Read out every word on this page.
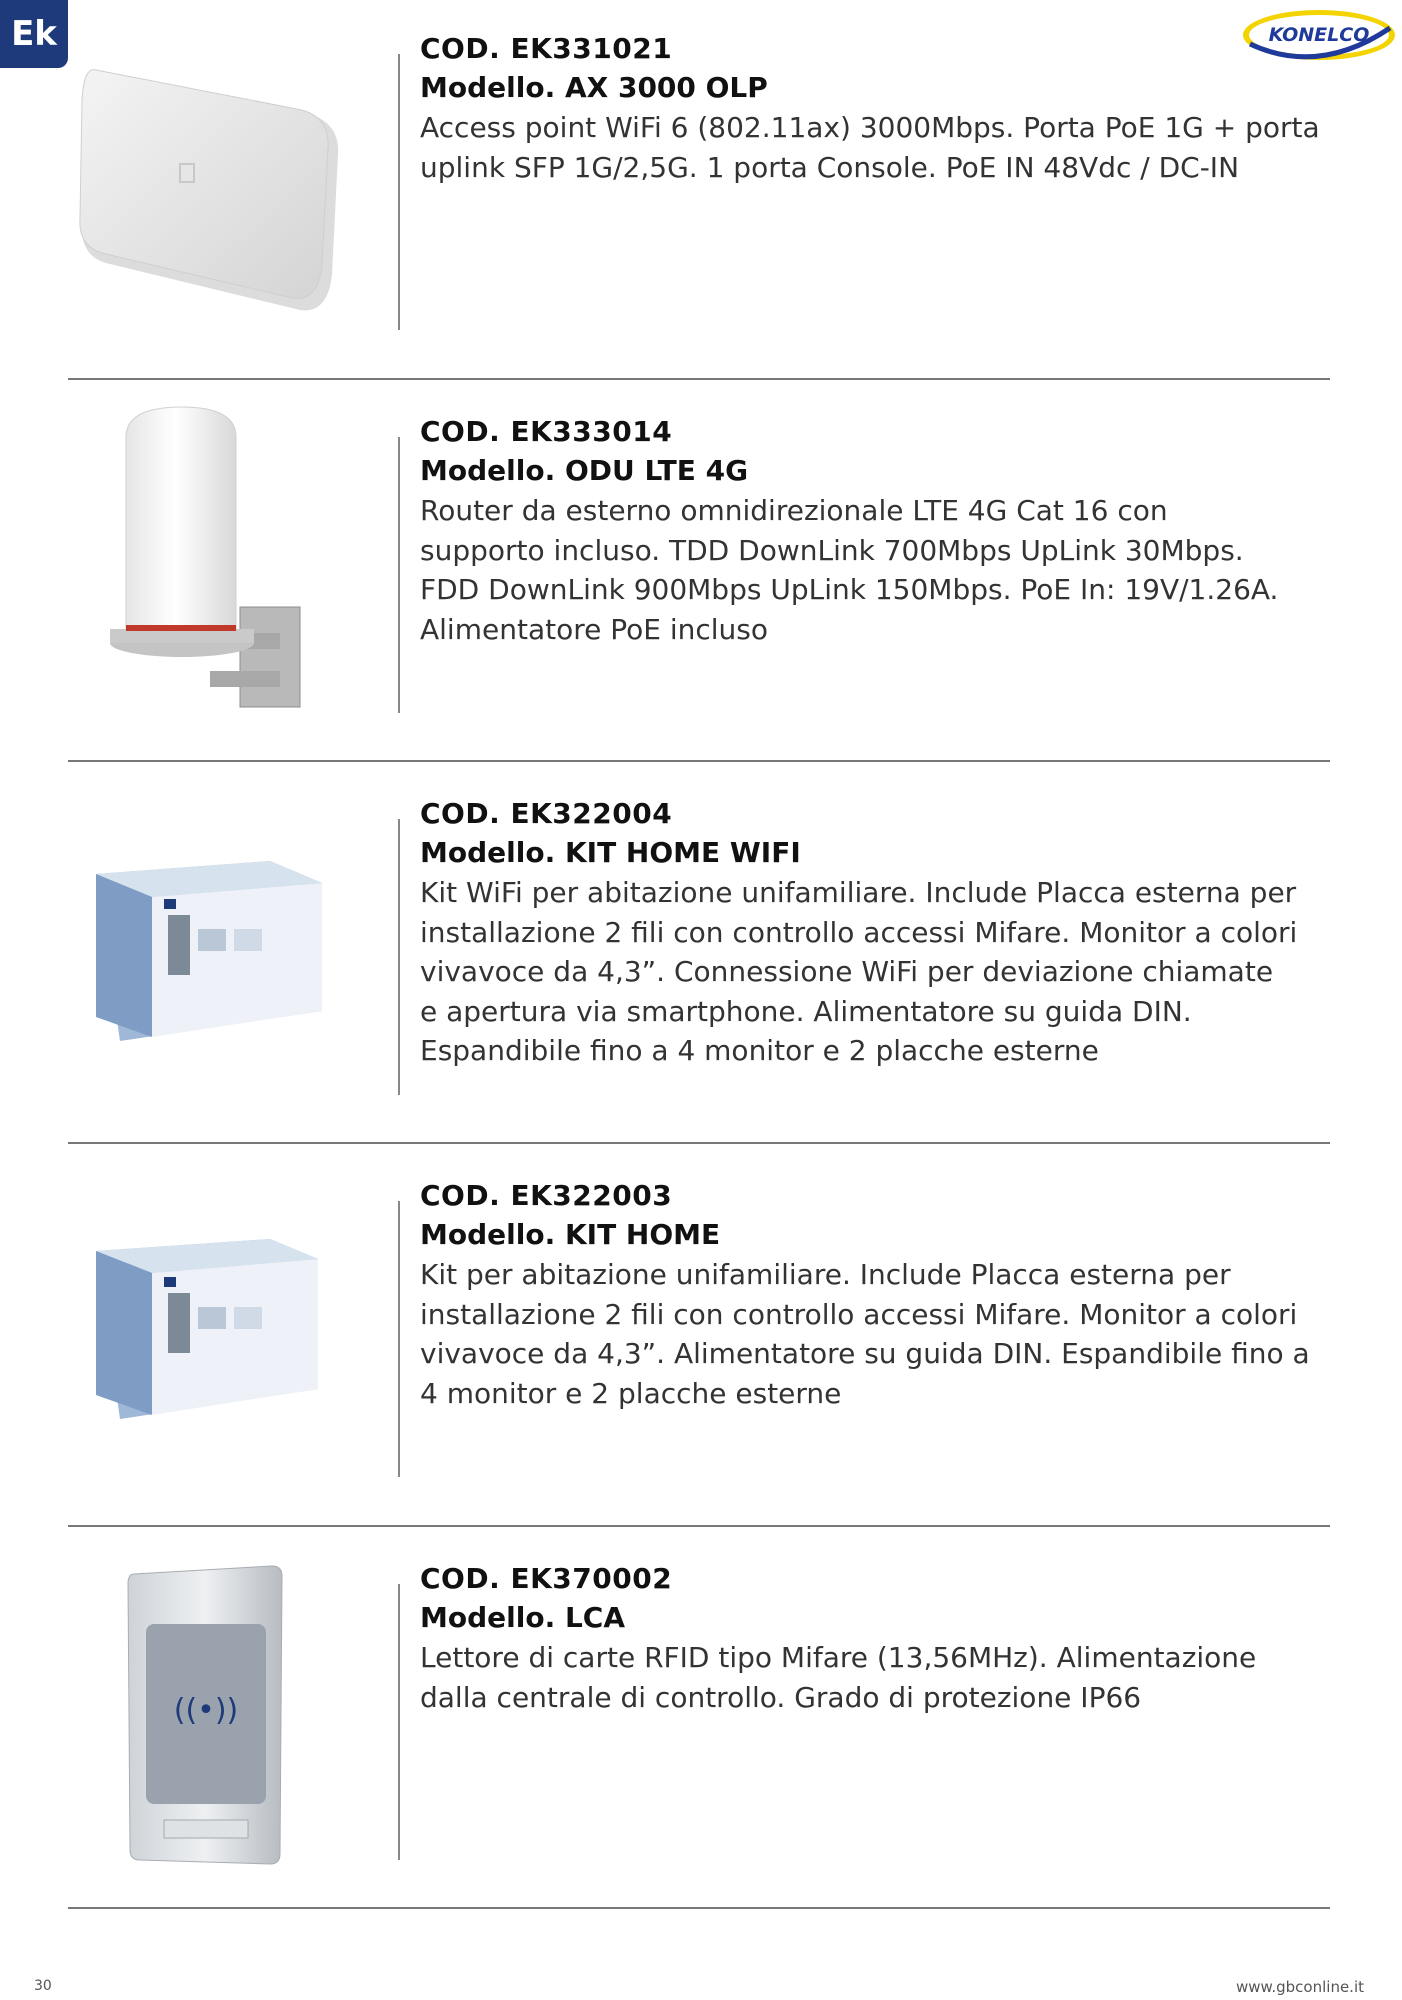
Ek	KONELCO
COD. EK331021
Modello. AX 3000 OLP
Access point WiFi 6 (802.11ax) 3000Mbps. Porta PoE 1G + porta
uplink SFP 1G/2,5G. 1 porta Console. PoE IN 48Vdc / DC-IN
COD. EK333014
Modello. ODU LTE 4G
Router da esterno omnidirezionale LTE 4G Cat 16 con
supporto incluso. TDD DownLink 700Mbps UpLink 30Mbps.
FDD DownLink 900Mbps UpLink 150Mbps. PoE In: 19V/1.26A.
Alimentatore PoE incluso
COD. EK322004
Modello. KIT HOME WIFI
Kit WiFi per abitazione unifamiliare. Include Placca esterna per
installazione 2 fili con controllo accessi Mifare. Monitor a colori
vivavoce da 4,3”. Connessione WiFi per deviazione chiamate
e apertura via smartphone. Alimentatore su guida DIN.
Espandibile fino a 4 monitor e 2 placche esterne
COD. EK322003
Modello. KIT HOME
Kit per abitazione unifamiliare. Include Placca esterna per
installazione 2 fili con controllo accessi Mifare. Monitor a colori
vivavoce da 4,3”. Alimentatore su guida DIN. Espandibile fino a
4 monitor e 2 placche esterne
((•))
COD. EK370002
Modello. LCA
Lettore di carte RFID tipo Mifare (13,56MHz). Alimentazione
dalla centrale di controllo. Grado di protezione IP66
30	www.gbconline.it
